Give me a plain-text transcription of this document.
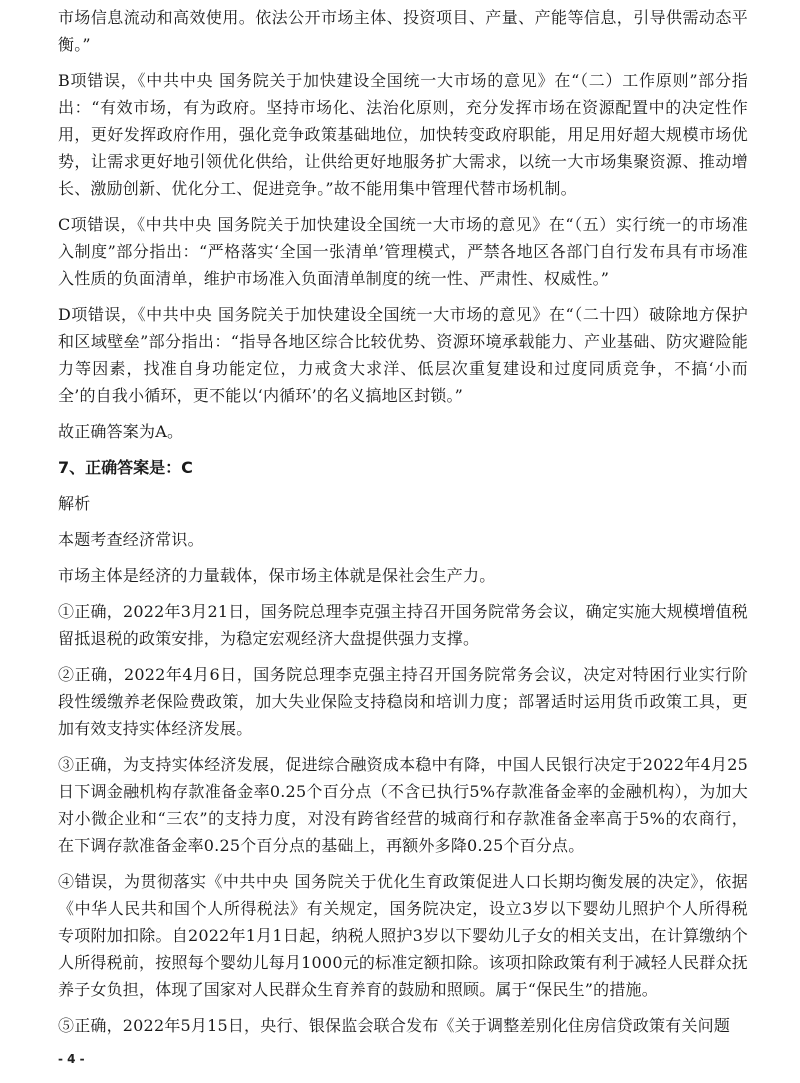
市场信息流动和高效使用。依法公开市场主体、投资项目、产量、产能等信息，引导供需动态平衡。”

B项错误，《中共中央 国务院关于加快建设全国统一大市场的意见》在“（二）工作原则”部分指出：“有效市场，有为政府。坚持市场化、法治化原则，充分发挥市场在资源配置中的决定性作用，更好发挥政府作用，强化竞争政策基础地位，加快转变政府职能，用足用好超大规模市场优势，让需求更好地引领优化供给，让供给更好地服务扩大需求，以统一大市场集聚资源、推动增长、激励创新、优化分工、促进竞争。”故不能用集中管理代替市场机制。

C项错误，《中共中央 国务院关于加快建设全国统一大市场的意见》在“（五）实行统一的市场准入制度”部分指出：“严格落实‘全国一张清单’管理模式，严禁各地区各部门自行发布具有市场准入性质的负面清单，维护市场准入负面清单制度的统一性、严肃性、权威性。”

D项错误，《中共中央 国务院关于加快建设全国统一大市场的意见》在“（二十四）破除地方保护和区域壁垒”部分指出：“指导各地区综合比较优势、资源环境承载能力、产业基础、防灾避险能力等因素，找准自身功能定位，力戒贪大求洋、低层次重复建设和过度同质竞争，不搞‘小而全’的自我小循环，更不能以‘内循环’的名义搞地区封锁。”

故正确答案为A。

7、正确答案是：C

解析

本题考查经济常识。

市场主体是经济的力量载体，保市场主体就是保社会生产力。

①正确，2022年3月21日，国务院总理李克强主持召开国务院常务会议，确定实施大规模增值税留抵退税的政策安排，为稳定宏观经济大盘提供强力支撑。

②正确，2022年4月6日，国务院总理李克强主持召开国务院常务会议，决定对特困行业实行阶段性缓缴养老保险费政策，加大失业保险支持稳岗和培训力度；部署适时运用货币政策工具，更加有效支持实体经济发展。

③正确，为支持实体经济发展，促进综合融资成本稳中有降，中国人民银行决定于2022年4月25日下调金融机构存款准备金率0.25个百分点（不含已执行5%存款准备金率的金融机构），为加大对小微企业和“三农”的支持力度，对没有跨省经营的城商行和存款准备金率高于5%的农商行，在下调存款准备金率0.25个百分点的基础上，再额外多降0.25个百分点。

④错误，为贯彻落实《中共中央 国务院关于优化生育政策促进人口长期均衡发展的决定》，依据《中华人民共和国个人所得税法》有关规定，国务院决定，设立3岁以下婴幼儿照护个人所得税专项附加扣除。自2022年1月1日起，纳税人照护3岁以下婴幼儿子女的相关支出，在计算缴纳个人所得税前，按照每个婴幼儿每月1000元的标准定额扣除。该项扣除政策有利于减轻人民群众抚养子女负担，体现了国家对人民群众生育养育的鼓励和照顾。属于“保民生”的措施。

⑤正确，2022年5月15日，央行、银保监会联合发布《关于调整差别化住房信贷政策有关问题

- 4 -
